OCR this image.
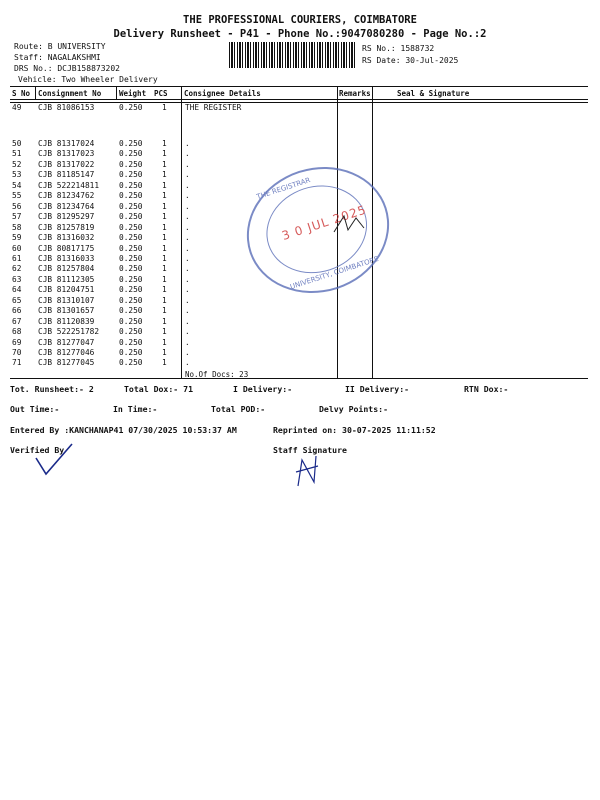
THE PROFESSIONAL COURIERS, COIMBATORE
Delivery Runsheet - P41 - Phone No.:9047080280 - Page No.:2
Route: B UNIVERSITY
Staff: NAGALAKSHMI
DRS No.: DCJB158873202
Vehicle: Two Wheeler Delivery
RS No.: 1588732
RS Date: 30-Jul-2025
S No Consignment No Weight PCS Consignee Details	Remarks	Seal & Signature
49 CJB 81086153	0.250	1 THE REGISTER
50 CJB 81317024	0.250	1 .
51 CJB 81317023	0.250	1 .
52 CJB 81317022	0.250	1 .
53 CJB 81185147	0.250	1 .
54 CJB 522214811	0.250	1 .
55 CJB 81234762	0.250	1 .
56 CJB 81234764	0.250	1 .
57 CJB 81295297	0.250	1 .
58 CJB 81257819	0.250	1 .
59 CJB 81316032	0.250	1 .
60 CJB 80817175	0.250	1 .
61 CJB 81316033	0.250	1 .
62 CJB 81257804	0.250	1 .
63 CJB 81112305	0.250	1 .
64 CJB 81204751	0.250	1 .
65 CJB 81310107	0.250	1 .
66 CJB 81301657	0.250	1 .
67 CJB 81120839	0.250	1 .
68 CJB 522251782	0.250	1 .
69 CJB 81277047	0.250	1 .
70 CJB 81277046	0.250	1 .
71 CJB 81277045	0.250	1 .
No.Of Docs: 23
THE REGISTRAR
3 0 JUL 2025
UNIVERSITY, COIMBATORE
Tot. Runsheet:- 2	Total Dox:- 71	I Delivery:-	II Delivery:-	RTN Dox:-
Out Time:-	In Time:-	Total POD:-	Delvy Points:-
Entered By :KANCHANAP41 07/30/2025 10:53:37 AM	Reprinted on: 30-07-2025 11:11:52
Verified By	Staff Signature
